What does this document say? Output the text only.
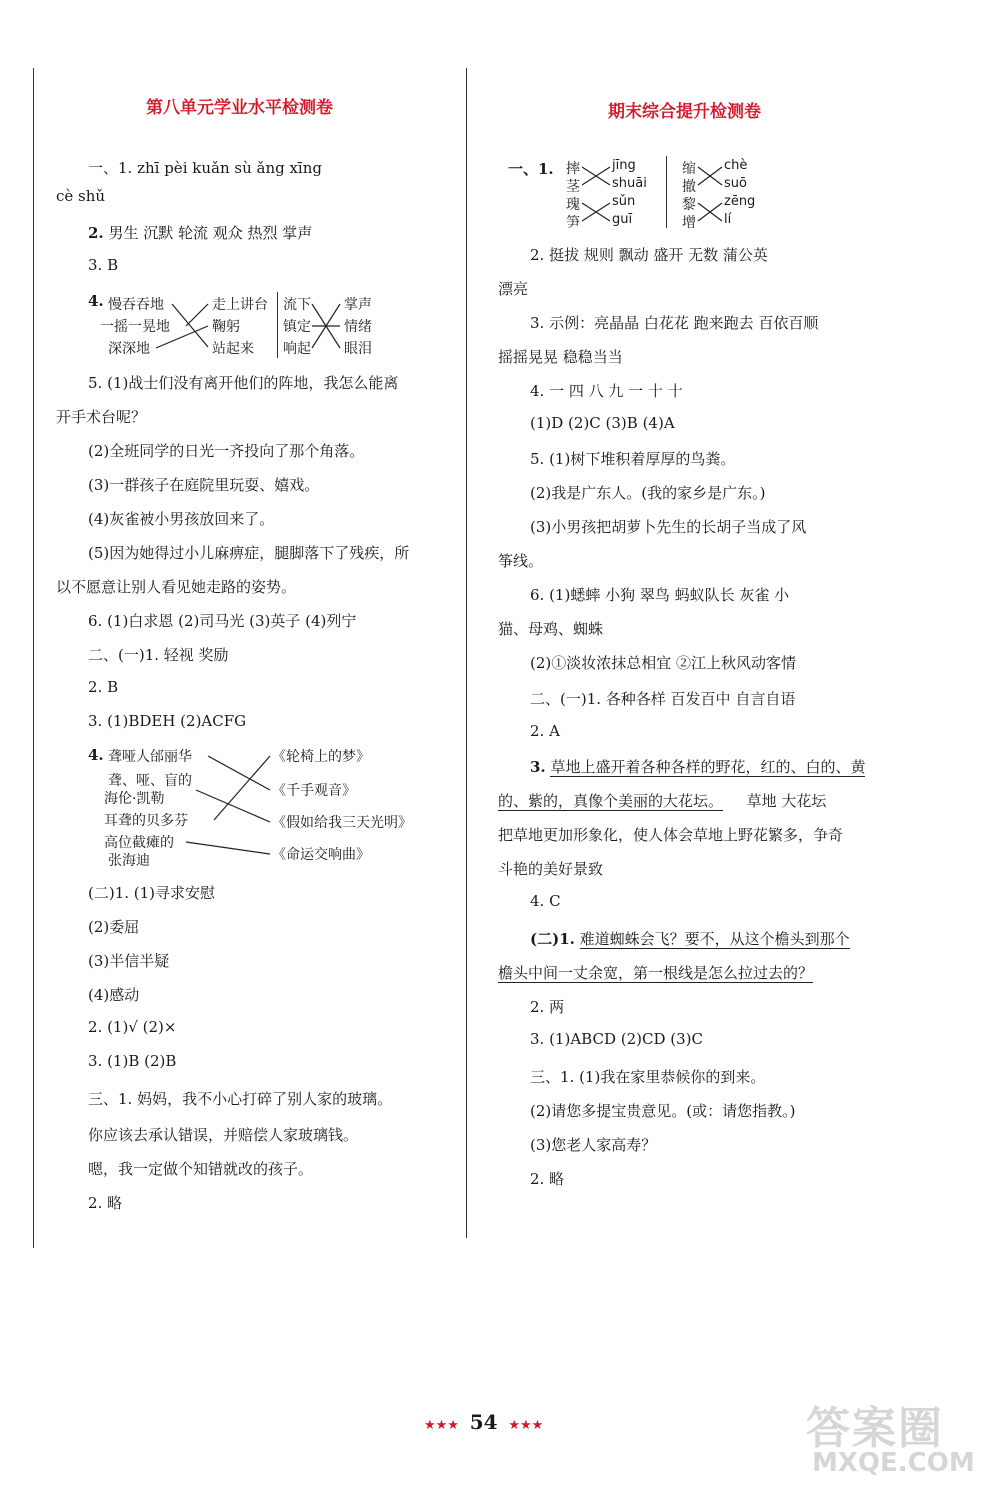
第八单元学业水平检测卷
一、1. zhī pèi kuǎn sù ǎng xīng
cè shǔ
2. 男生 沉默 轮流 观众 热烈 掌声
3. B
4. 慢吞吞地
一摇一晃地
深深地
走上讲台
鞠躬
站起来
流下
镇定
响起
掌声
情绪
眼泪
5. (1)战士们没有离开他们的阵地，我怎么能离
开手术台呢？
(2)全班同学的日光一齐投向了那个角落。
(3)一群孩子在庭院里玩耍、嬉戏。
(4)灰雀被小男孩放回来了。
(5)因为她得过小儿麻痹症，腿脚落下了残疾，所
以不愿意让别人看见她走路的姿势。
6. (1)白求恩 (2)司马光 (3)英子 (4)列宁
二、(一)1. 轻视 奖励
2. B
3. (1)BDEH (2)ACFG
4. 聋哑人邰丽华
聋、哑、盲的
海伦·凯勒
耳聋的贝多芬
高位截瘫的
张海迪
《轮椅上的梦》
《千手观音》
《假如给我三天光明》
《命运交响曲》
(二)1. (1)寻求安慰
(2)委屈
(3)半信半疑
(4)感动
2. (1)√ (2)×
3. (1)B (2)B
三、1. 妈妈，我不小心打碎了别人家的玻璃。
你应该去承认错误，并赔偿人家玻璃钱。
嗯，我一定做个知错就改的孩子。
2. 略
期末综合提升检测卷
一、1. 摔
茎
瑰
笋
jīng
shuāi
sǔn
guī
缩
撤
黎
增
chè
suō
zēng
lí
2. 挺拔 规则 飘动 盛开 无数 蒲公英
漂亮
3. 示例：亮晶晶 白花花 跑来跑去 百依百顺
摇摇晃晃 稳稳当当
4. 一 四 八 九 一 十 十
(1)D (2)C (3)B (4)A
5. (1)树下堆积着厚厚的鸟粪。
(2)我是广东人。(我的家乡是广东。)
(3)小男孩把胡萝卜先生的长胡子当成了风
筝线。
6. (1)蟋蟀 小狗 翠鸟 蚂蚁队长 灰雀 小
猫、母鸡、蜘蛛
(2)①淡妆浓抹总相宜 ②江上秋风动客情
二、(一)1. 各种各样 百发百中 自言自语
2. A
3. 草地上盛开着各种各样的野花，红的、白的、黄
的、紫的，真像个美丽的大花坛。 草地 大花坛
把草地更加形象化，使人体会草地上野花繁多，争奇
斗艳的美好景致
4. C
(二)1. 难道蜘蛛会飞？要不，从这个檐头到那个
檐头中间一丈余宽，第一根线是怎么拉过去的？
2. 两
3. (1)ABCD (2)CD (3)C
三、1. (1)我在家里恭候你的到来。
(2)请您多提宝贵意见。(或：请您指教。)
(3)您老人家高寿？
2. 略
★★★ 54 ★★★	答案圈
MXQE.COM
